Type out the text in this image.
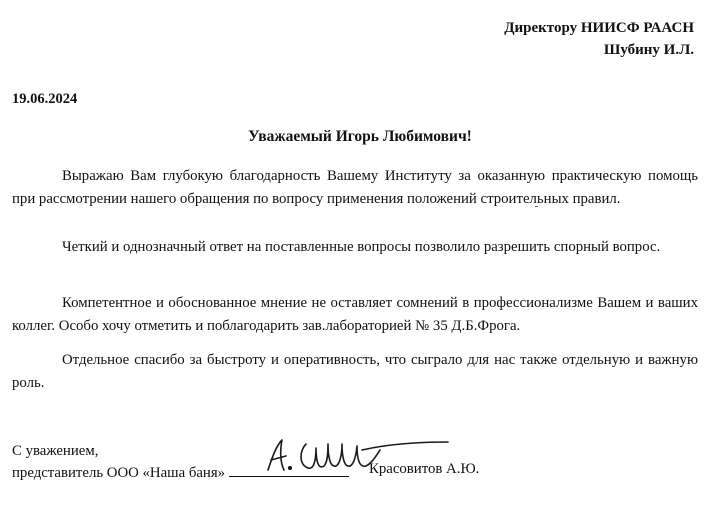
Директору НИИСФ РААСН
Шубину И.Л.
19.06.2024
Уважаемый Игорь Любимович!

Выражаю Вам глубокую благодарность Вашему Институту за оказанную практическую помощь при рассмотрении нашего обращения по вопросу применения положений строительных правил.

Четкий и однозначный ответ на поставленные вопросы позволило разрешить спорный вопрос.

Компетентное и обоснованное мнение не оставляет сомнений в профессионализме Вашем и ваших коллег. Особо хочу отметить и поблагодарить зав.лабораторией № 35 Д.Б.Фрога.

Отдельное спасибо за быстроту и оперативность, что сыграло для нас также отдельную и важную роль.

С уважением,
представитель ООО «Наша баня»	Красовитов А.Ю.
